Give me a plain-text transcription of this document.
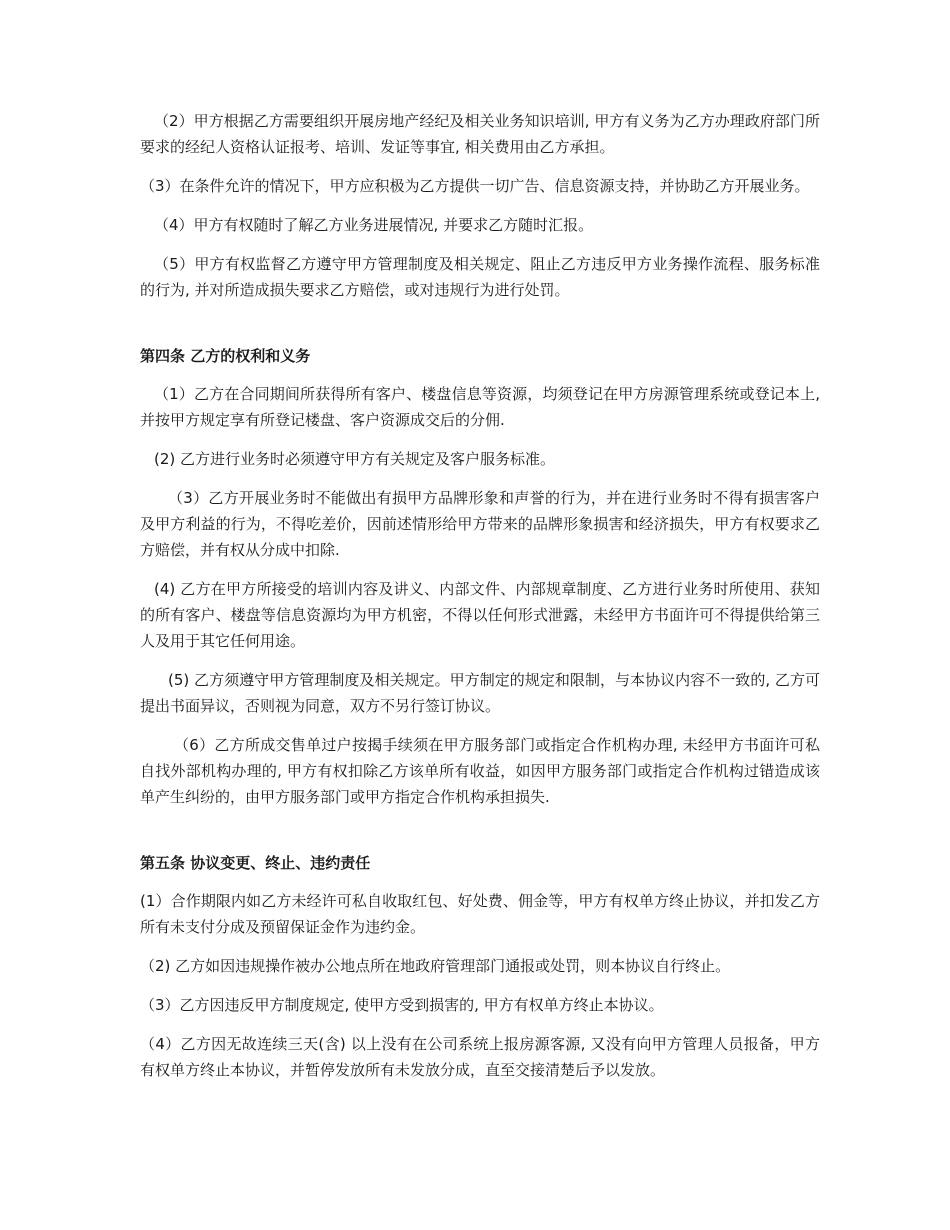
（2）甲方根据乙方需要组织开展房地产经纪及相关业务知识培训, 甲方有义务为乙方办理政府部门所要求的经纪人资格认证报考、培训、发证等事宜, 相关费用由乙方承担。

（3）在条件允许的情况下，甲方应积极为乙方提供一切广告、信息资源支持，并协助乙方开展业务。

（4）甲方有权随时了解乙方业务进展情况, 并要求乙方随时汇报。

（5）甲方有权监督乙方遵守甲方管理制度及相关规定、阻止乙方违反甲方业务操作流程、服务标准的行为, 并对所造成损失要求乙方赔偿，或对违规行为进行处罚。

第四条 乙方的权利和义务

（1）乙方在合同期间所获得所有客户、楼盘信息等资源，均须登记在甲方房源管理系统或登记本上, 并按甲方规定享有所登记楼盘、客户资源成交后的分佣.

(2) 乙方进行业务时必须遵守甲方有关规定及客户服务标准。

（3）乙方开展业务时不能做出有损甲方品牌形象和声誉的行为，并在进行业务时不得有损害客户及甲方利益的行为，不得吃差价，因前述情形给甲方带来的品牌形象损害和经济损失，甲方有权要求乙方赔偿，并有权从分成中扣除.

(4) 乙方在甲方所接受的培训内容及讲义、内部文件、内部规章制度、乙方进行业务时所使用、获知的所有客户、楼盘等信息资源均为甲方机密，不得以任何形式泄露，未经甲方书面许可不得提供给第三人及用于其它任何用途。

(5) 乙方须遵守甲方管理制度及相关规定。甲方制定的规定和限制，与本协议内容不一致的, 乙方可提出书面异议，否则视为同意，双方不另行签订协议。

（6）乙方所成交售单过户按揭手续须在甲方服务部门或指定合作机构办理, 未经甲方书面许可私自找外部机构办理的, 甲方有权扣除乙方该单所有收益，如因甲方服务部门或指定合作机构过错造成该单产生纠纷的，由甲方服务部门或甲方指定合作机构承担损失.

第五条 协议变更、终止、违约责任

(1）合作期限内如乙方未经许可私自收取红包、好处费、佣金等，甲方有权单方终止协议，并扣发乙方所有未支付分成及预留保证金作为违约金。

（2) 乙方如因违规操作被办公地点所在地政府管理部门通报或处罚，则本协议自行终止。

（3）乙方因违反甲方制度规定, 使甲方受到损害的, 甲方有权单方终止本协议。

（4）乙方因无故连续三天(含) 以上没有在公司系统上报房源客源, 又没有向甲方管理人员报备，甲方有权单方终止本协议，并暂停发放所有未发放分成，直至交接清楚后予以发放。
